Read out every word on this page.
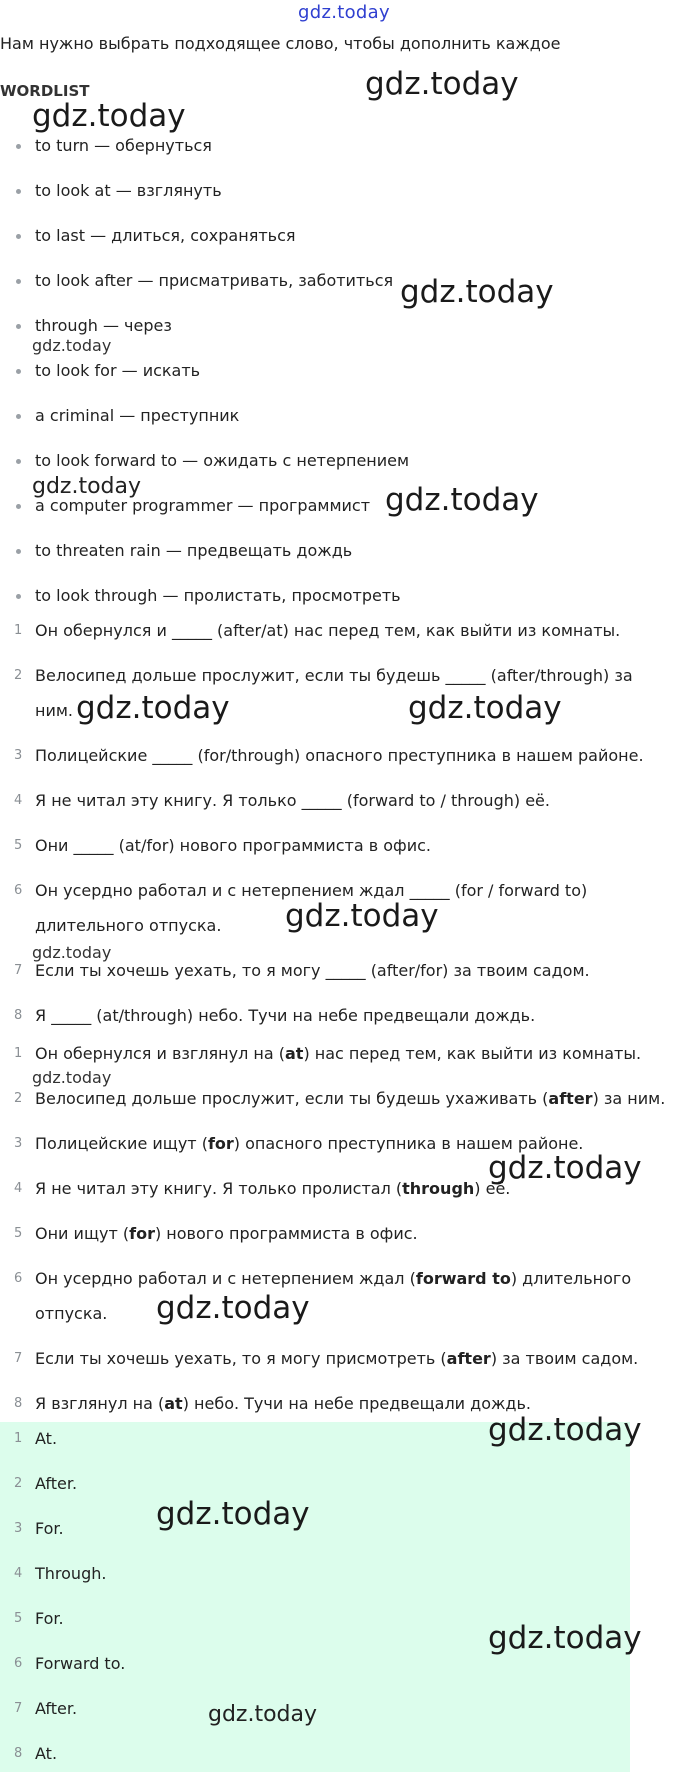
gdz.today
Нам нужно выбрать подходящее слово, чтобы дополнить каждое
WORDLIST
to turn — обернуться
to look at — взглянуть
to last — длиться, сохраняться
to look after — присматривать, заботиться
through — через
to look for — искать
a criminal — преступник
to look forward to — ожидать с нетерпением
a computer programmer — программист
to threaten rain — предвещать дождь
to look through — пролистать, просмотреть
1 Он обернулся и _____ (after/at) нас перед тем, как выйти из комнаты.
2 Велосипед дольше прослужит, если ты будешь _____ (after/through) за
ним.
3 Полицейские _____ (for/through) опасного преступника в нашем районе.
4 Я не читал эту книгу. Я только _____ (forward to / through) её.
5 Они _____ (at/for) нового программиста в офис.
6 Он усердно работал и с нетерпением ждал _____ (for / forward to)
длительного отпуска.
7 Если ты хочешь уехать, то я могу _____ (after/for) за твоим садом.
8 Я _____ (at/through) небо. Тучи на небе предвещали дождь.
1 Он обернулся и взглянул на (at) нас перед тем, как выйти из комнаты.
2 Велосипед дольше прослужит, если ты будешь ухаживать (after) за ним.
3 Полицейские ищут (for) опасного преступника в нашем районе.
4 Я не читал эту книгу. Я только пролистал (through) её.
5 Они ищут (for) нового программиста в офис.
6 Он усердно работал и с нетерпением ждал (forward to) длительного
отпуска.
7 Если ты хочешь уехать, то я могу присмотреть (after) за твоим садом.
8 Я взглянул на (at) небо. Тучи на небе предвещали дождь.
1 At.
2 After.
3 For.
4 Through.
5 For.
6 Forward to.
7 After.
8 At.
gdz.today
gdz.today
gdz.today
gdz.today
gdz.today	gdz.today
gdz.today	gdz.today
gdz.today
gdz.today
gdz.today
gdz.today
gdz.today
gdz.today
gdz.today
gdz.today
gdz.today
